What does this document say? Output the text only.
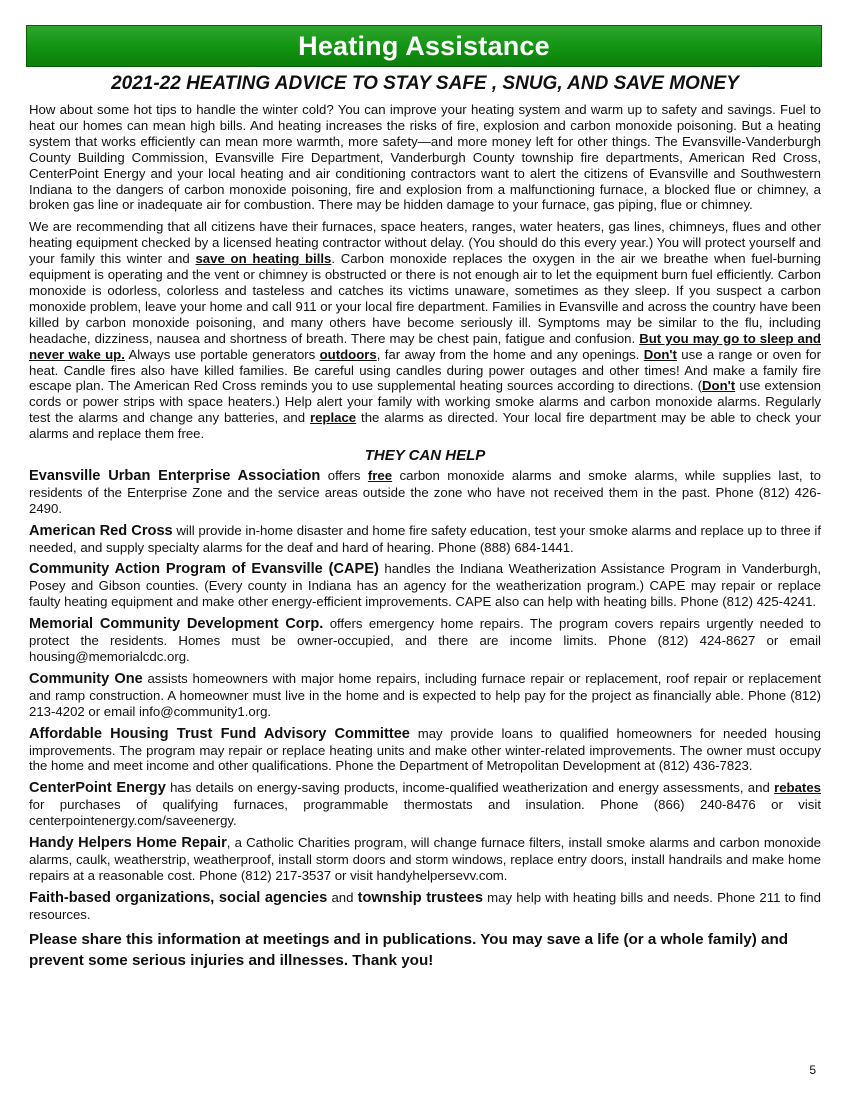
Heating Assistance
2021-22 HEATING ADVICE TO STAY SAFE , SNUG, AND SAVE MONEY

How about some hot tips to handle the winter cold? You can improve your heating system and warm up to safety and savings. Fuel to heat our homes can mean high bills. And heating increases the risks of fire, explosion and carbon monoxide poisoning. But a heating system that works efficiently can mean more warmth, more safety—and more money left for other things. The Evansville-Vanderburgh County Building Commission, Evansville Fire Department, Vanderburgh County township fire departments, American Red Cross, CenterPoint Energy and your local heating and air conditioning contractors want to alert the citizens of Evansville and Southwestern Indiana to the dangers of carbon monoxide poisoning, fire and explosion from a malfunctioning furnace, a blocked flue or chimney, a broken gas line or inadequate air for combustion. There may be hidden damage to your furnace, gas piping, flue or chimney.

We are recommending that all citizens have their furnaces, space heaters, ranges, water heaters, gas lines, chimneys, flues and other heating equipment checked by a licensed heating contractor without delay. (You should do this every year.) You will protect yourself and your family this winter and save on heating bills. Carbon monoxide replaces the oxygen in the air we breathe when fuel-burning equipment is operating and the vent or chimney is obstructed or there is not enough air to let the equipment burn fuel efficiently. Carbon monoxide is odorless, colorless and tasteless and catches its victims unaware, sometimes as they sleep. If you suspect a carbon monoxide problem, leave your home and call 911 or your local fire department. Families in Evansville and across the country have been killed by carbon monoxide poisoning, and many others have become seriously ill. Symptoms may be similar to the flu, including headache, dizziness, nausea and shortness of breath. There may be chest pain, fatigue and confusion. But you may go to sleep and never wake up. Always use portable generators outdoors, far away from the home and any openings. Don't use a range or oven for heat. Candle fires also have killed families. Be careful using candles during power outages and other times! And make a family fire escape plan. The American Red Cross reminds you to use supplemental heating sources according to directions. (Don't use extension cords or power strips with space heaters.) Help alert your family with working smoke alarms and carbon monoxide alarms. Regularly test the alarms and change any batteries, and replace the alarms as directed. Your local fire department may be able to check your alarms and replace them free.

THEY CAN HELP

Evansville Urban Enterprise Association offers free carbon monoxide alarms and smoke alarms, while supplies last, to residents of the Enterprise Zone and the service areas outside the zone who have not received them in the past. Phone (812) 426-2490.

American Red Cross will provide in-home disaster and home fire safety education, test your smoke alarms and replace up to three if needed, and supply specialty alarms for the deaf and hard of hearing. Phone (888) 684-1441.

Community Action Program of Evansville (CAPE) handles the Indiana Weatherization Assistance Program in Vanderburgh, Posey and Gibson counties. (Every county in Indiana has an agency for the weatherization program.) CAPE may repair or replace faulty heating equipment and make other energy-efficient improvements. CAPE also can help with heating bills. Phone (812) 425-4241.

Memorial Community Development Corp. offers emergency home repairs. The program covers repairs urgently needed to protect the residents. Homes must be owner-occupied, and there are income limits. Phone (812) 424-8627 or email housing@memorialcdc.org.

Community One assists homeowners with major home repairs, including furnace repair or replacement, roof repair or replacement and ramp construction. A homeowner must live in the home and is expected to help pay for the project as financially able. Phone (812) 213-4202 or email info@community1.org.

Affordable Housing Trust Fund Advisory Committee may provide loans to qualified homeowners for needed housing improvements. The program may repair or replace heating units and make other winter-related improvements. The owner must occupy the home and meet income and other qualifications. Phone the Department of Metropolitan Development at (812) 436-7823.

CenterPoint Energy has details on energy-saving products, income-qualified weatherization and energy assessments, and rebates for purchases of qualifying furnaces, programmable thermostats and insulation. Phone (866) 240-8476 or visit centerpointenergy.com/saveenergy.

Handy Helpers Home Repair, a Catholic Charities program, will change furnace filters, install smoke alarms and carbon monoxide alarms, caulk, weatherstrip, weatherproof, install storm doors and storm windows, replace entry doors, install handrails and make home repairs at a reasonable cost. Phone (812) 217-3537 or visit handyhelpersevv.com.

Faith-based organizations, social agencies and township trustees may help with heating bills and needs. Phone 211 to find resources.

Please share this information at meetings and in publications. You may save a life (or a whole family) and prevent some serious injuries and illnesses. Thank you!
5
